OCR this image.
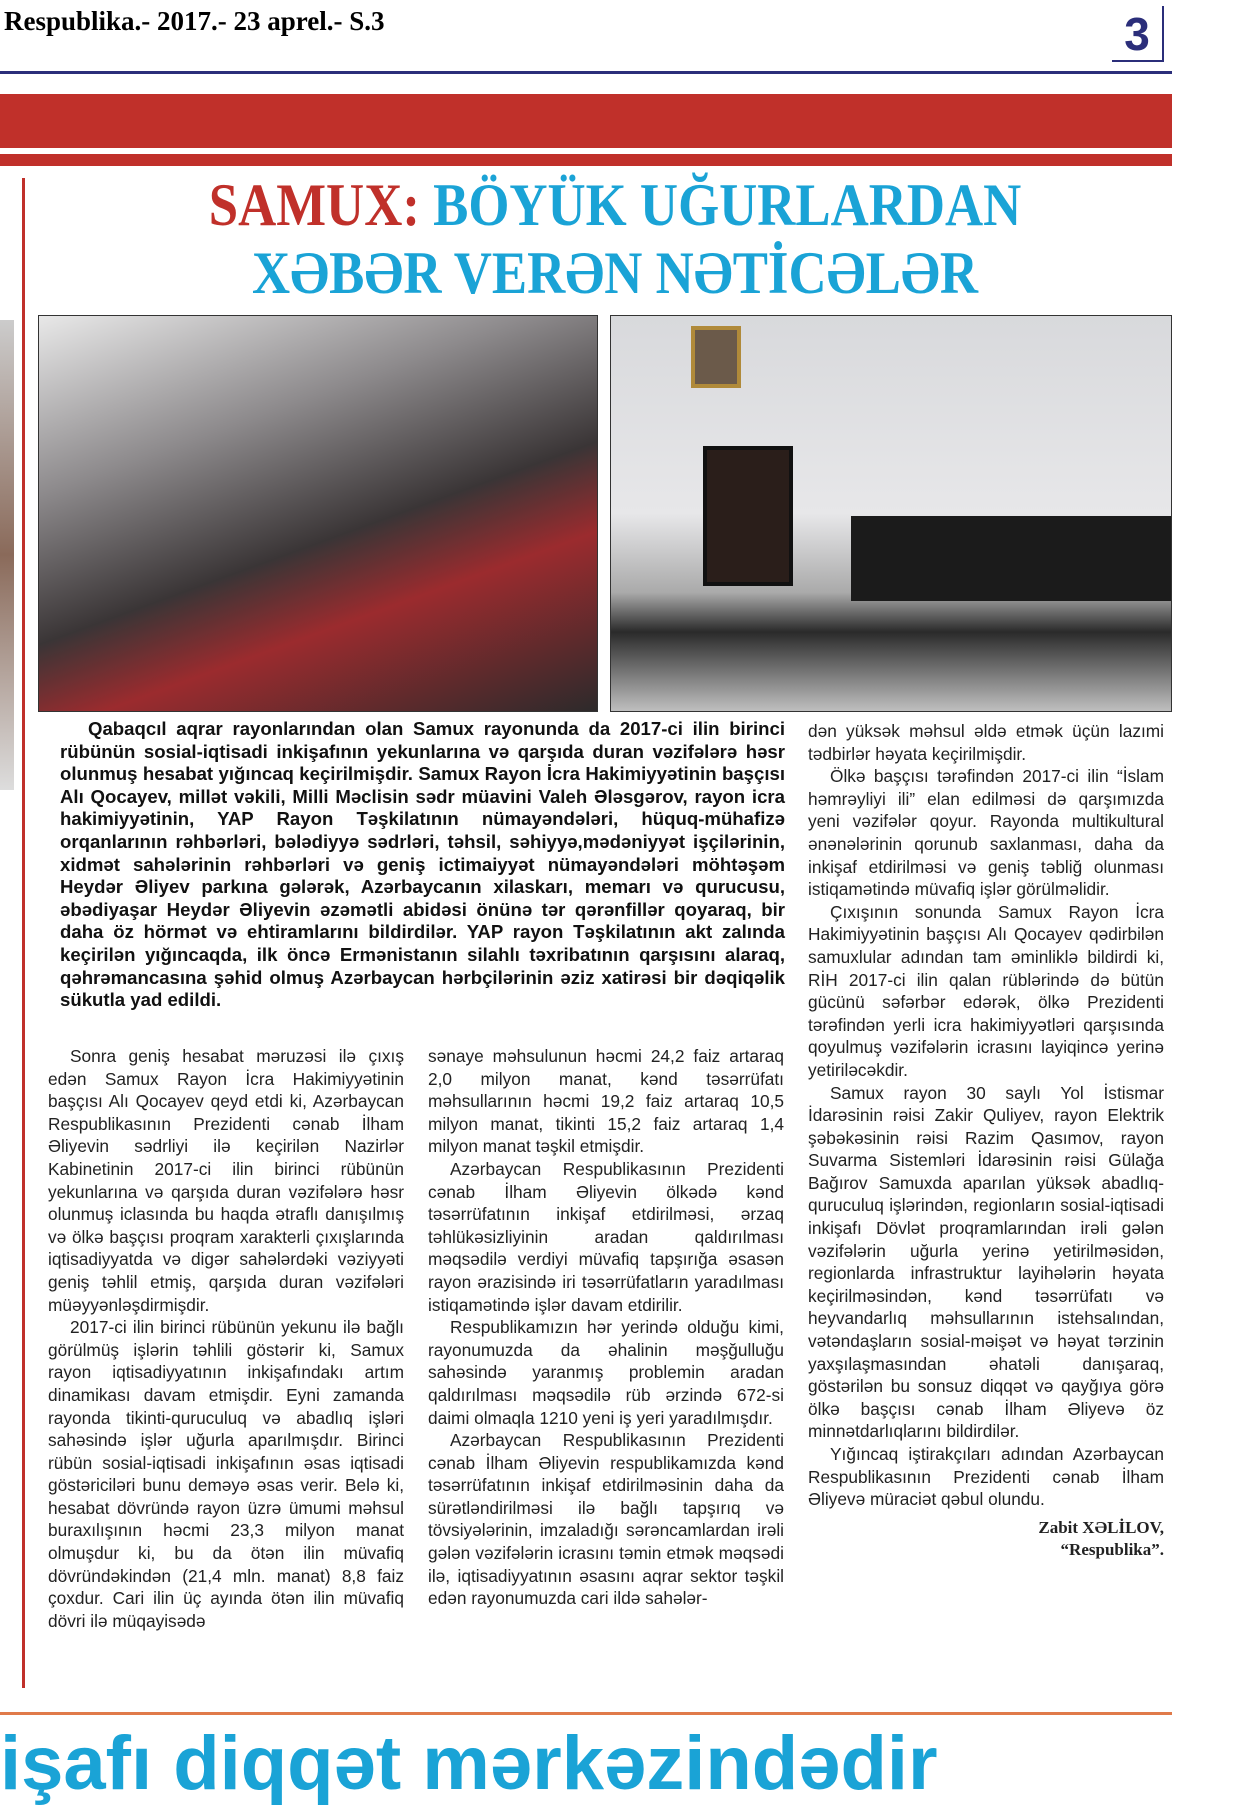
Respublika.- 2017.- 23 aprel.- S.3	3
SAMUX: BÖYÜK UĞURLARDAN
XƏBƏR VERƏN NƏTİCƏLƏR
Qabaqcıl aqrar rayonlarından olan Samux rayonunda da 2017-ci ilin birinci rübünün sosial-iqtisadi inkişafının yekunlarına və qarşıda duran vəzifələrə həsr olunmuş hesabat yığıncaq keçirilmişdir. Samux Rayon İcra Hakimiyyətinin başçısı Alı Qocayev, millət vəkili, Milli Məclisin sədr müavini Valeh Ələsgərov, rayon icra hakimiyyətinin, YAP Rayon Təşkilatının nümayəndələri, hüquq-mühafizə orqanlarının rəhbərləri, bələdiyyə sədrləri, təhsil, səhiyyə,mədəniyyət işçilərinin, xidmət sahələrinin rəhbərləri və geniş ictimaiyyət nümayəndələri möhtəşəm Heydər Əliyev parkına gələrək, Azərbaycanın xilaskarı, memarı və qurucusu, əbədiyaşar Heydər Əliyevin əzəmətli abidəsi önünə tər qərənfillər qoyaraq, bir daha öz hörmət və ehtiramlarını bildirdilər. YAP rayon Təşkilatının akt zalında keçirilən yığıncaqda, ilk öncə Ermənistanın silahlı təxribatının qarşısını alaraq, qəhrəmancasına şəhid olmuş Azərbaycan hərbçilərinin əziz xatirəsi bir dəqiqəlik sükutla yad edildi.

Sonra geniş hesabat məruzəsi ilə çıxış edən Samux Rayon İcra Hakimiyyətinin başçısı Alı Qocayev qeyd etdi ki, Azərbaycan Respublikasının Prezidenti cənab İlham Əliyevin sədrliyi ilə keçirilən Nazirlər Kabinetinin 2017-ci ilin birinci rübünün yekunlarına və qarşıda duran vəzifələrə həsr olunmuş iclasında bu haqda ətraflı danışılmış və ölkə başçısı proqram xarakterli çıxışlarında iqtisadiyyatda və digər sahələrdəki vəziyyəti geniş təhlil etmiş, qarşıda duran vəzifələri müəyyənləşdirmişdir.

2017-ci ilin birinci rübünün yekunu ilə bağlı görülmüş işlərin təhlili göstərir ki, Samux rayon iqtisadiyyatının inkişafındakı artım dinamikası davam etmişdir. Eyni zamanda rayonda tikinti-quruculuq və abadlıq işləri sahəsində işlər uğurla aparılmışdır. Birinci rübün sosial-iqtisadi inkişafının əsas iqtisadi göstəriciləri bunu deməyə əsas verir. Belə ki, hesabat dövründə rayon üzrə ümumi məhsul buraxılışının həcmi 23,3 milyon manat olmuşdur ki, bu da ötən ilin müvafiq dövründəkindən (21,4 mln. manat) 8,8 faiz çoxdur. Cari ilin üç ayında ötən ilin müvafiq dövri ilə müqayisədə

sənaye məhsulunun həcmi 24,2 faiz artaraq 2,0 milyon manat, kənd təsərrüfatı məhsullarının həcmi 19,2 faiz artaraq 10,5 milyon manat, tikinti 15,2 faiz artaraq 1,4 milyon manat təşkil etmişdir.

Azərbaycan Respublikasının Prezidenti cənab İlham Əliyevin ölkədə kənd təsərrüfatının inkişaf etdirilməsi, ərzaq təhlükəsizliyinin aradan qaldırılması məqsədilə verdiyi müvafiq tapşırığa əsasən rayon ərazisində iri təsərrüfatların yaradılması istiqamətində işlər davam etdirilir.

Respublikamızın hər yerində olduğu kimi, rayonumuzda da əhalinin məşğulluğu sahəsində yaranmış problemin aradan qaldırılması məqsədilə rüb ərzində 672-si daimi olmaqla 1210 yeni iş yeri yaradılmışdır.

Azərbaycan Respublikasının Prezidenti cənab İlham Əliyevin respublikamızda kənd təsərrüfatının inkişaf etdirilməsinin daha da sürətləndirilməsi ilə bağlı tapşırıq və tövsiyələrinin, imzaladığı sərəncamlardan irəli gələn vəzifələrin icrasını təmin etmək məqsədi ilə, iqtisadiyyatının əsasını aqrar sektor təşkil edən rayonumuzda cari ildə sahələr-

dən yüksək məhsul əldə etmək üçün lazımi tədbirlər həyata keçirilmişdir.

Ölkə başçısı tərəfindən 2017-ci ilin “İslam həmrəyliyi ili” elan edilməsi də qarşımızda yeni vəzifələr qoyur. Rayonda multikultural ənənələrinin qorunub saxlanması, daha da inkişaf etdirilməsi və geniş təbliğ olunması istiqamətində müvafiq işlər görülməlidir.

Çıxışının sonunda Samux Rayon İcra Hakimiyyətinin başçısı Alı Qocayev qədirbilən samuxlular adından tam əminliklə bildirdi ki, RİH 2017-ci ilin qalan rüblərində də bütün gücünü səfərbər edərək, ölkə Prezidenti tərəfindən yerli icra hakimiyyətləri qarşısında qoyulmuş vəzifələrin icrasını layiqincə yerinə yetiriləcəkdir.

Samux rayon 30 saylı Yol İstismar İdarəsinin rəisi Zakir Quliyev, rayon Elektrik şəbəkəsinin rəisi Razim Qasımov, rayon Suvarma Sistemləri İdarəsinin rəisi Gülağa Bağırov Samuxda aparılan yüksək abadlıq-quruculuq işlərindən, regionların sosial-iqtisadi inkişafı Dövlət proqramlarından irəli gələn vəzifələrin uğurla yerinə yetirilməsidən, regionlarda infrastruktur layihələrin həyata keçirilməsindən, kənd təsərrüfatı və heyvandarlıq məhsullarının istehsalından, vətəndaşların sosial-məişət və həyat tərzinin yaxşılaşmasından əhatəli danışaraq, göstərilən bu sonsuz diqqət və qayğıya görə ölkə başçısı cənab İlham Əliyevə öz minnətdarlıqlarını bildirdilər.

Yığıncaq iştirakçıları adından Azərbaycan Respublikasının Prezidenti cənab İlham Əliyevə müraciət qəbul olundu.

Zabit XƏLİLOV,
“Respublika”.
işafı diqqət mərkəzindədir
